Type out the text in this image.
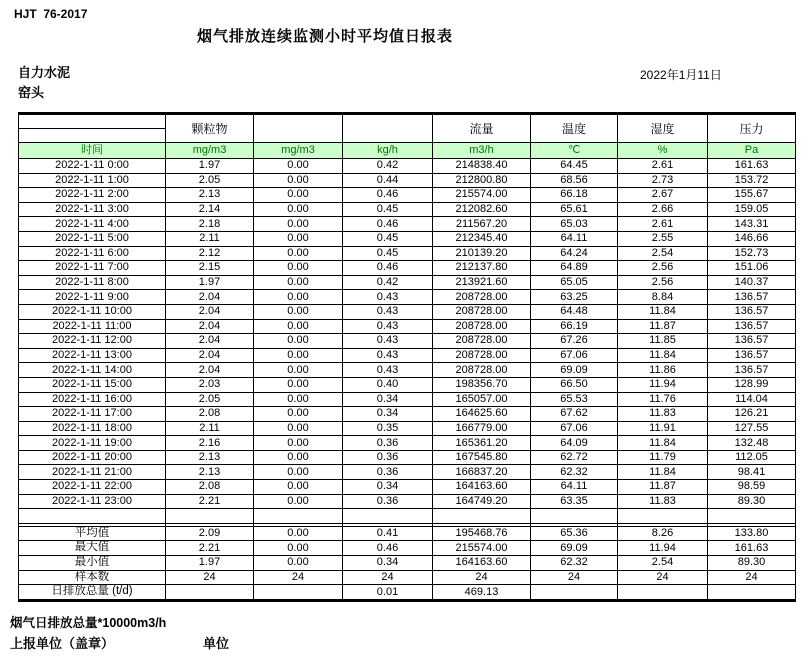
HJT  76-2017
烟气排放连续监测小时平均值日报表
自力水泥
窑头
2022年1月11日
	颗粒物			流量	温度	湿度	压力

时间	mg/m3	mg/m3	kg/h	m3/h	℃	%	Pa
2022-1-11 0:00	1.97	0.00	0.42	214838.40	64.45	2.61	161.63
2022-1-11 1:00	2.05	0.00	0.44	212800.80	68.56	2.73	153.72
2022-1-11 2:00	2.13	0.00	0.46	215574.00	66.18	2.67	155.67
2022-1-11 3:00	2.14	0.00	0.45	212082.60	65.61	2.66	159.05
2022-1-11 4:00	2.18	0.00	0.46	211567.20	65.03	2.61	143.31
2022-1-11 5:00	2.11	0.00	0.45	212345.40	64.11	2.55	146.66
2022-1-11 6:00	2.12	0.00	0.45	210139.20	64.24	2.54	152.73
2022-1-11 7:00	2.15	0.00	0.46	212137.80	64.89	2.56	151.06
2022-1-11 8:00	1.97	0.00	0.42	213921.60	65.05	2.56	140.37
2022-1-11 9:00	2.04	0.00	0.43	208728.00	63.25	8.84	136.57
2022-1-11 10:00	2.04	0.00	0.43	208728.00	64.48	11.84	136.57
2022-1-11 11:00	2.04	0.00	0.43	208728.00	66.19	11.87	136.57
2022-1-11 12:00	2.04	0.00	0.43	208728.00	67.26	11.85	136.57
2022-1-11 13:00	2.04	0.00	0.43	208728.00	67.06	11.84	136.57
2022-1-11 14:00	2.04	0.00	0.43	208728.00	69.09	11.86	136.57
2022-1-11 15:00	2.03	0.00	0.40	198356.70	66.50	11.94	128.99
2022-1-11 16:00	2.05	0.00	0.34	165057.00	65.53	11.76	114.04
2022-1-11 17:00	2.08	0.00	0.34	164625.60	67.62	11.83	126.21
2022-1-11 18:00	2.11	0.00	0.35	166779.00	67.06	11.91	127.55
2022-1-11 19:00	2.16	0.00	0.36	165361.20	64.09	11.84	132.48
2022-1-11 20:00	2.13	0.00	0.36	167545.80	62.72	11.79	112.05
2022-1-11 21:00	2.13	0.00	0.36	166837.20	62.32	11.84	98.41
2022-1-11 22:00	2.08	0.00	0.34	164163.60	64.11	11.87	98.59
2022-1-11 23:00	2.21	0.00	0.36	164749.20	63.35	11.83	89.30

平均值	2.09	0.00	0.41	195468.76	65.36	8.26	133.80
最大值	2.21	0.00	0.46	215574.00	69.09	11.94	161.63
最小值	1.97	0.00	0.34	164163.60	62.32	2.54	89.30
样本数	24	24	24	24	24	24	24
日排放总量 (t/d)			0.01	469.13			
烟气日排放总量*10000m3/h
上报单位（盖章）	单位
